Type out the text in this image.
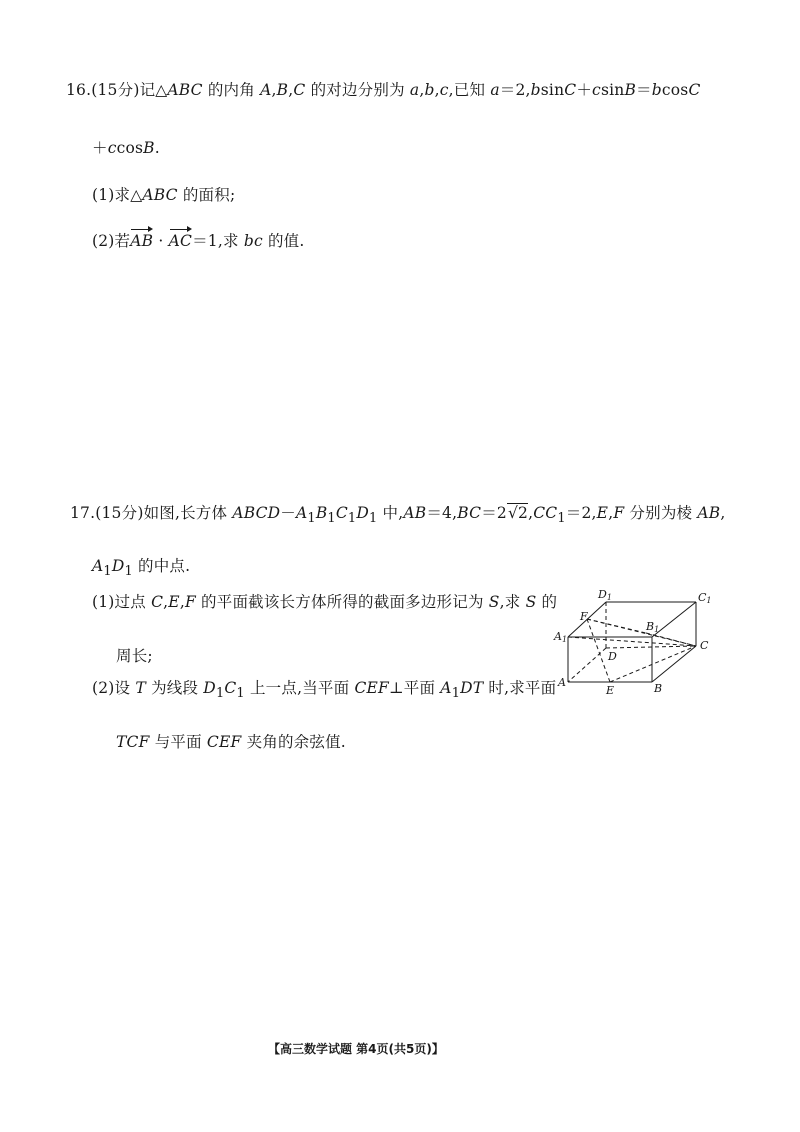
16.(15分)记△ABC 的内角 A,B,C 的对边分别为 a,b,c,已知 a＝2,bsinC＋csinB＝bcosC
＋ccosB.
(1)求△ABC 的面积;
(2)若AB · AC＝1,求 bc 的值.
17.(15分)如图,长方体 $ABCD-A_1B_1C_1D_1$ 中$,AB=4,BC=2√2,CC_1=2,E,F$ 分别为棱 AB,
$A_1D_1$ 的中点.
(1)过点 C,E,F 的平面截该长方体所得的截面多边形记为 S,求 S 的
周长;
(2)设 T 为线段 $D_1C_1$ 上一点,当平面 CEF⊥平面 $A_1DT$ 时,求平面
TCF 与平面 CEF 夹角的余弦值.
D1	C1
F
B1
A1	C
D
A
E	B
【高三数学试题 第4页(共5页)】
